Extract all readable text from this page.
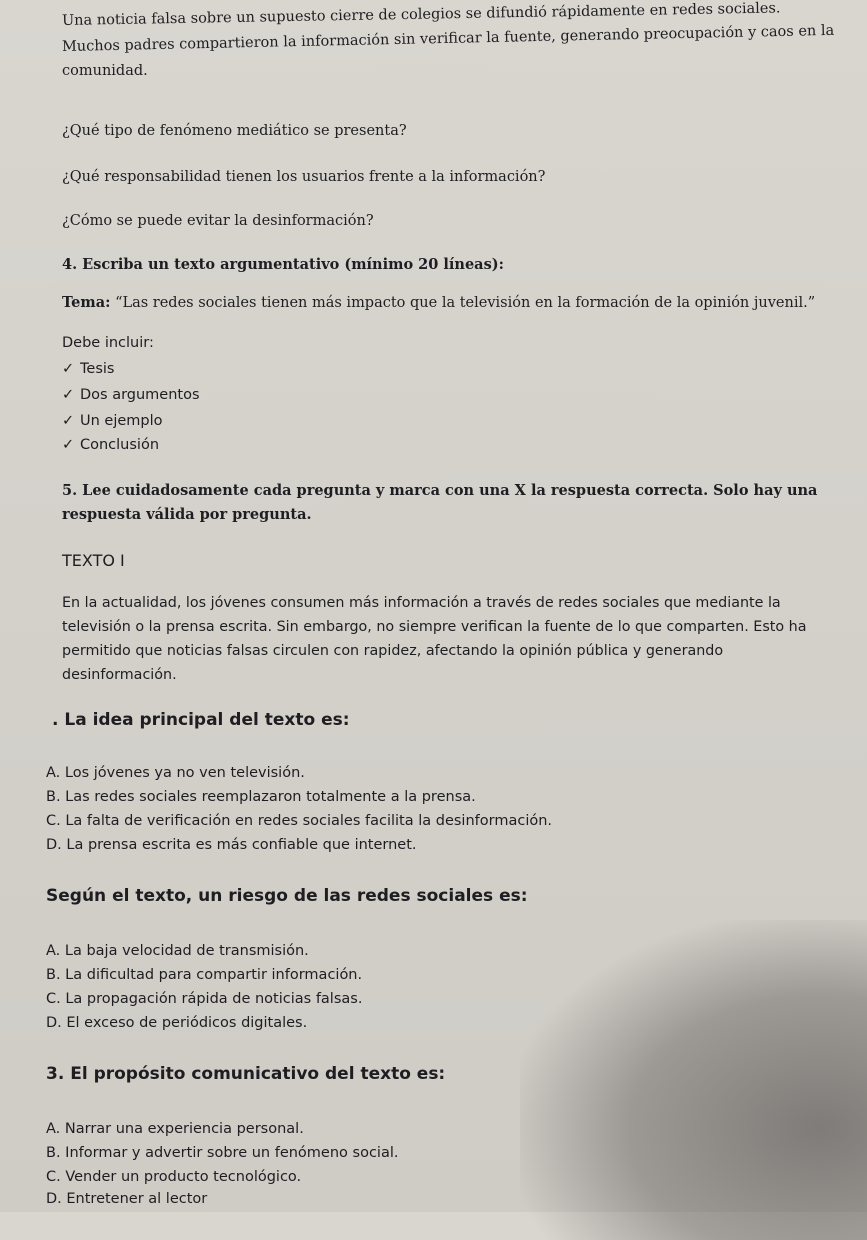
Una noticia falsa sobre un supuesto cierre de colegios se difundió rápidamente en redes sociales.
Muchos padres compartieron la información sin verificar la fuente, generando preocupación y caos en la
comunidad.
¿Qué tipo de fenómeno mediático se presenta?
¿Qué responsabilidad tienen los usuarios frente a la información?
¿Cómo se puede evitar la desinformación?
4. Escriba un texto argumentativo (mínimo 20 líneas):
Tema: “Las redes sociales tienen más impacto que la televisión en la formación de la opinión juvenil.”
Debe incluir:
✓ Tesis
✓ Dos argumentos
✓ Un ejemplo
✓ Conclusión
5. Lee cuidadosamente cada pregunta y marca con una X la respuesta correcta. Solo hay una
respuesta válida por pregunta.
TEXTO I
En la actualidad, los jóvenes consumen más información a través de redes sociales que mediante la
televisión o la prensa escrita. Sin embargo, no siempre verifican la fuente de lo que comparten. Esto ha
permitido que noticias falsas circulen con rapidez, afectando la opinión pública y generando
desinformación.
. La idea principal del texto es:
A. Los jóvenes ya no ven televisión.
B. Las redes sociales reemplazaron totalmente a la prensa.
C. La falta de verificación en redes sociales facilita la desinformación.
D. La prensa escrita es más confiable que internet.
Según el texto, un riesgo de las redes sociales es:
A. La baja velocidad de transmisión.
B. La dificultad para compartir información.
C. La propagación rápida de noticias falsas.
D. El exceso de periódicos digitales.
3. El propósito comunicativo del texto es:
A. Narrar una experiencia personal.
B. Informar y advertir sobre un fenómeno social.
C. Vender un producto tecnológico.
D. Entretener al lector
